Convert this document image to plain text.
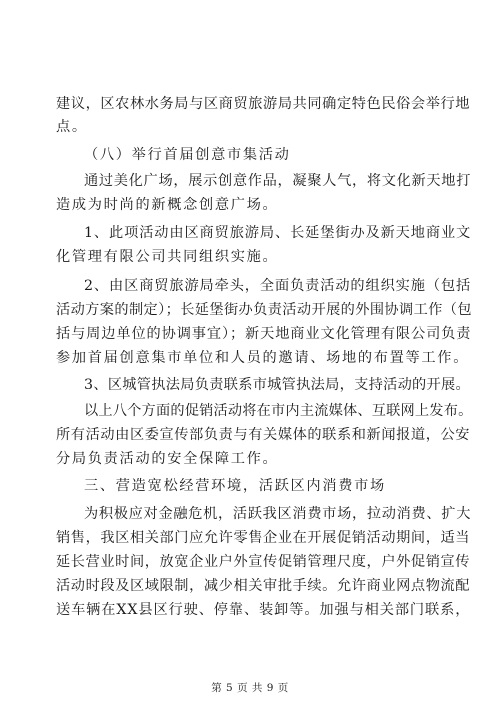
建议，区农林水务局与区商贸旅游局共同确定特色民俗会举行地
点。
（八）举行首届创意市集活动
通过美化广场，展示创意作品，凝聚人气，将文化新天地打
造成为时尚的新概念创意广场。
1、此项活动由区商贸旅游局、长延堡街办及新天地商业文
化管理有限公司共同组织实施。
2、由区商贸旅游局牵头，全面负责活动的组织实施（包括
活动方案的制定）；长延堡街办负责活动开展的外围协调工作（包
括与周边单位的协调事宜）；新天地商业文化管理有限公司负责
参加首届创意集市单位和人员的邀请、场地的布置等工作。
3、区城管执法局负责联系市城管执法局，支持活动的开展。
以上八个方面的促销活动将在市内主流媒体、互联网上发布。
所有活动由区委宣传部负责与有关媒体的联系和新闻报道，公安
分局负责活动的安全保障工作。
三、营造宽松经营环境，活跃区内消费市场
为积极应对金融危机，活跃我区消费市场，拉动消费、扩大
销售，我区相关部门应允许零售企业在开展促销活动期间，适当
延长营业时间，放宽企业户外宣传促销管理尺度，户外促销宣传
活动时段及区域限制，减少相关审批手续。允许商业网点物流配
送车辆在XX县区行驶、停靠、装卸等。加强与相关部门联系，
第 5 页 共 9 页
